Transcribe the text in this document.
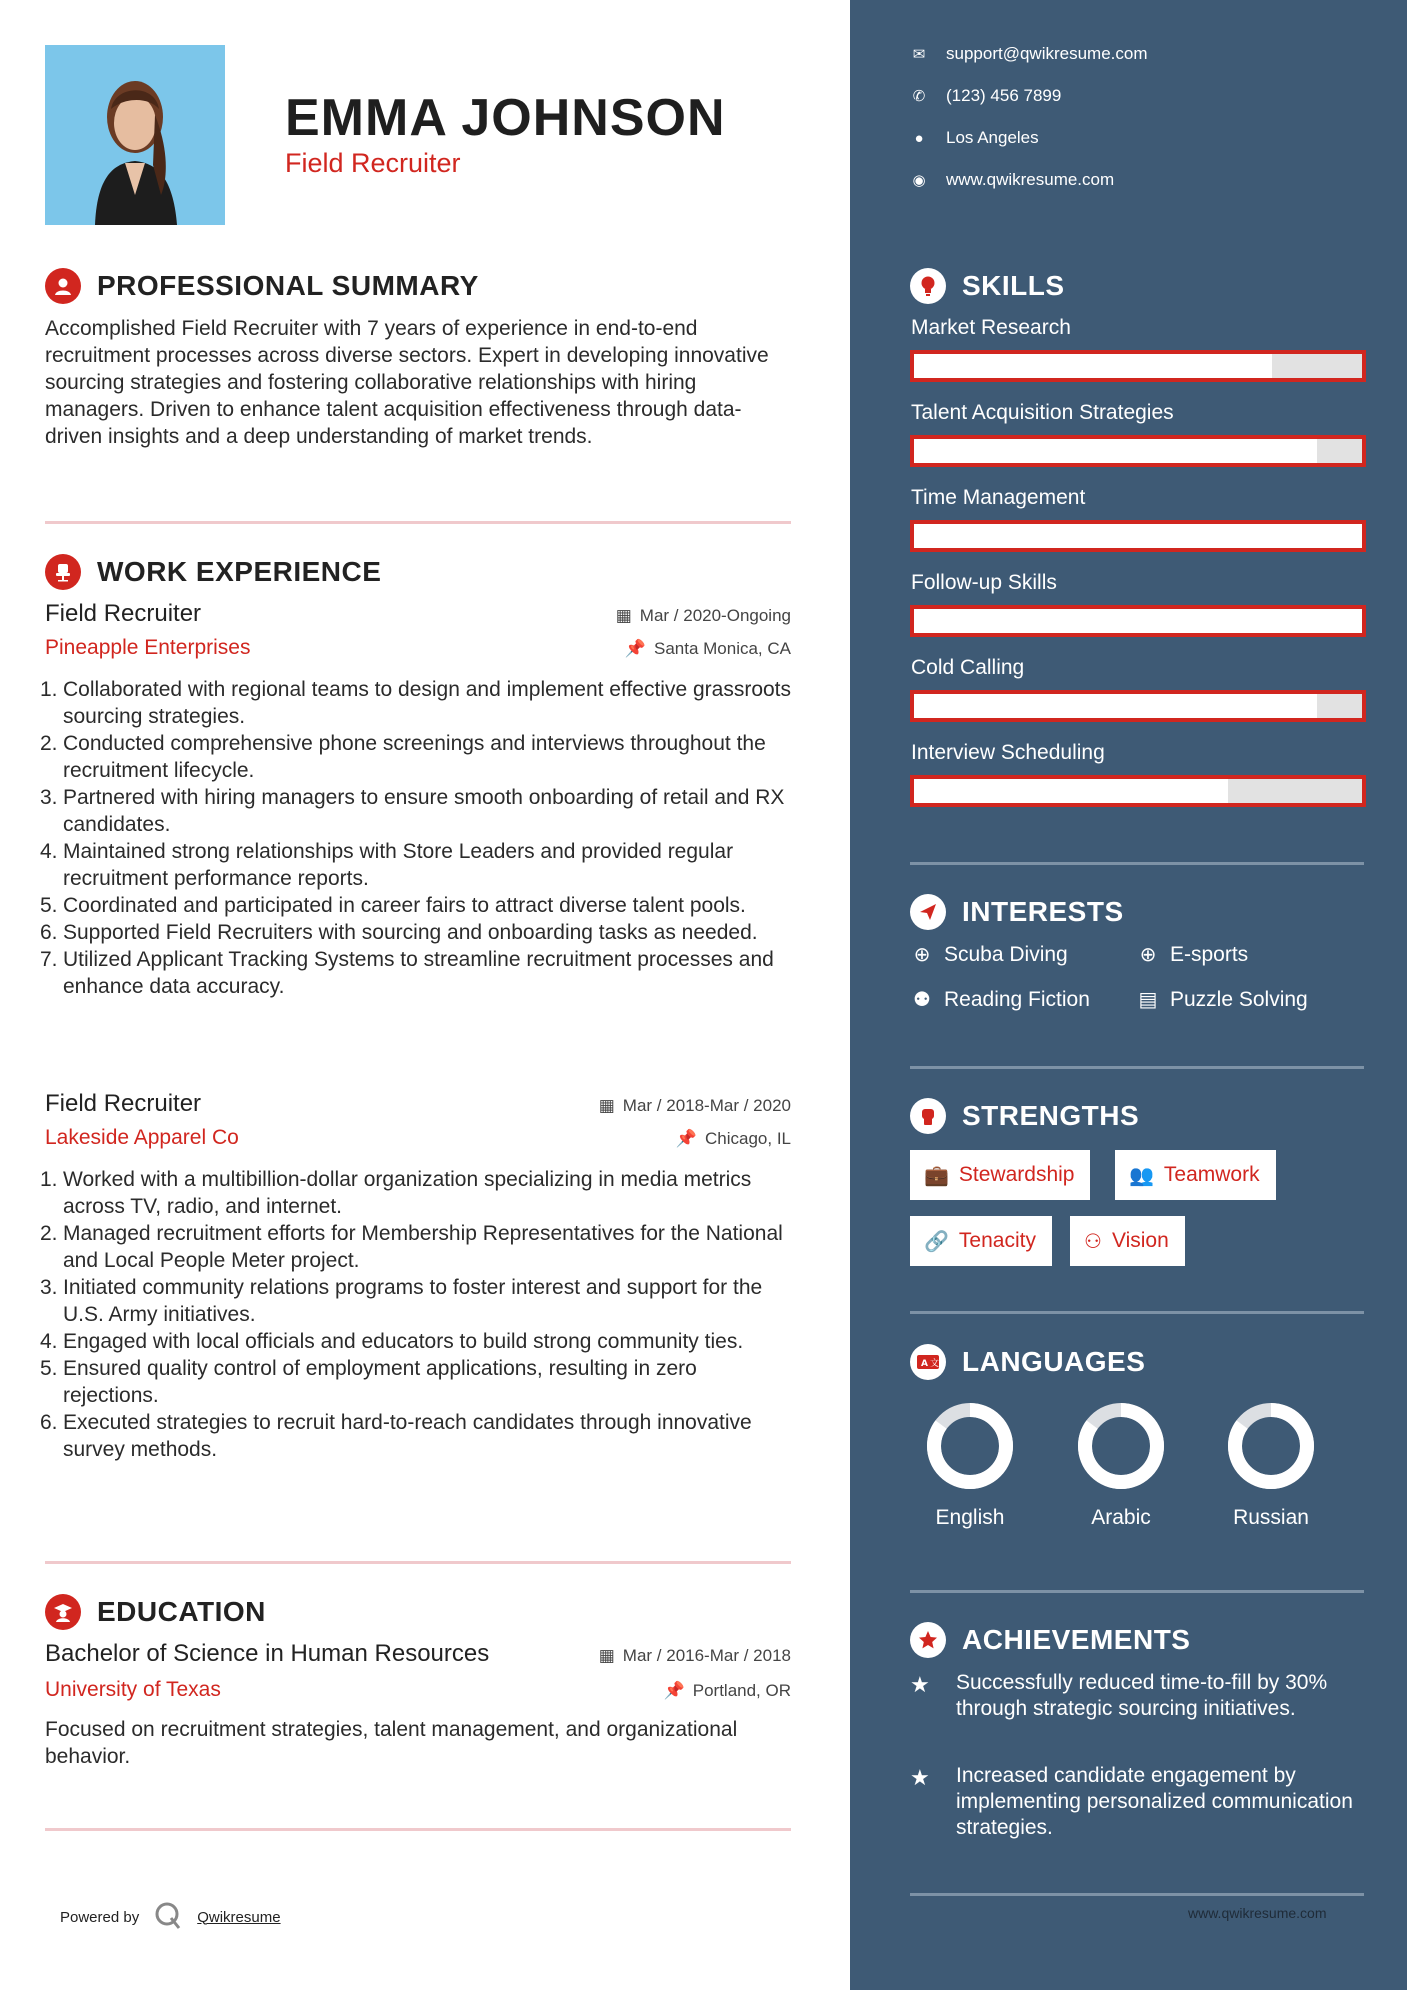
EMMA JOHNSON
Field Recruiter
PROFESSIONAL SUMMARY
Accomplished Field Recruiter with 7 years of experience in end-to-end recruitment processes across diverse sectors. Expert in developing innovative sourcing strategies and fostering collaborative relationships with hiring managers. Driven to enhance talent acquisition effectiveness through data-driven insights and a deep understanding of market trends.
WORK EXPERIENCE
Field Recruiter	▦ Mar / 2020-Ongoing
Pineapple Enterprises	📌 Santa Monica, CA
1. Collaborated with regional teams to design and implement effective grassroots sourcing strategies.
2. Conducted comprehensive phone screenings and interviews throughout the recruitment lifecycle.
3. Partnered with hiring managers to ensure smooth onboarding of retail and RX candidates.
4. Maintained strong relationships with Store Leaders and provided regular recruitment performance reports.
5. Coordinated and participated in career fairs to attract diverse talent pools.
6. Supported Field Recruiters with sourcing and onboarding tasks as needed.
7. Utilized Applicant Tracking Systems to streamline recruitment processes and enhance data accuracy.
Field Recruiter	▦ Mar / 2018-Mar / 2020
Lakeside Apparel Co	📌 Chicago, IL
1. Worked with a multibillion-dollar organization specializing in media metrics across TV, radio, and internet.
2. Managed recruitment efforts for Membership Representatives for the National and Local People Meter project.
3. Initiated community relations programs to foster interest and support for the U.S. Army initiatives.
4. Engaged with local officials and educators to build strong community ties.
5. Ensured quality control of employment applications, resulting in zero rejections.
6. Executed strategies to recruit hard-to-reach candidates through innovative survey methods.
EDUCATION
Bachelor of Science in Human Resources	▦ Mar / 2016-Mar / 2018
University of Texas	📌 Portland, OR
Focused on recruitment strategies, talent management, and organizational behavior.
Powered by	Qwikresume
✉ support@qwikresume.com
✆ (123) 456 7899
● Los Angeles
◉ www.qwikresume.com
SKILLS
Market Research
Talent Acquisition Strategies
Time Management
Follow-up Skills
Cold Calling
Interview Scheduling
INTERESTS
⊕ Scuba Diving	⊕ E-sports
⚉ Reading Fiction ▤ Puzzle Solving
STRENGTHS
💼 Stewardship	👥 Teamwork
🔗 Tenacity ⚇ Vision
A 文 LANGUAGES
English	Arabic	Russian
ACHIEVEMENTS
★	Successfully reduced time-to-fill by 30% through strategic sourcing initiatives.
★	Increased candidate engagement by implementing personalized communication strategies.
www.qwikresume.com
